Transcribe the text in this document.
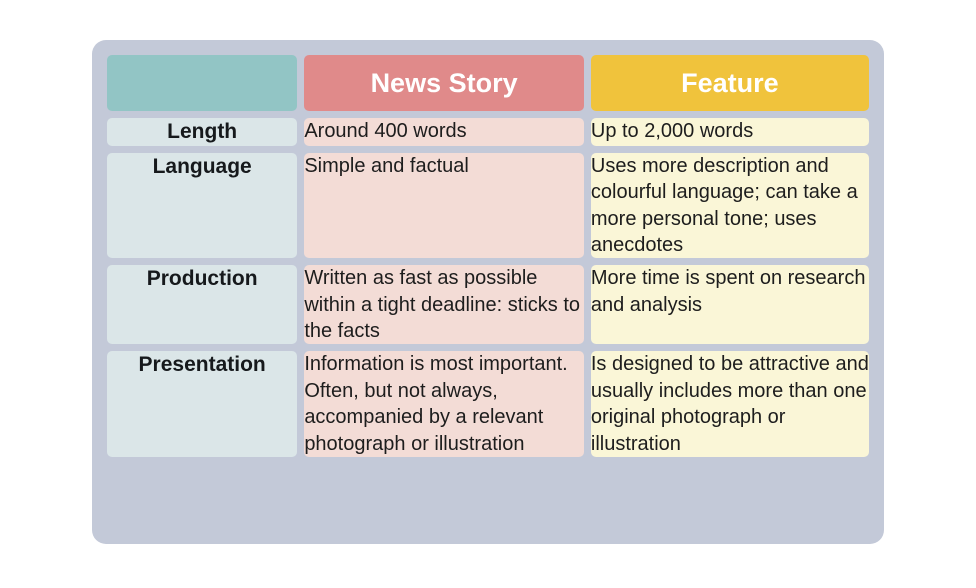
	News Story	Feature
Length	Around 400 words	Up to 2,000 words
Language	Simple and factual	Uses more description and colourful language; can take a more personal tone; uses anecdotes
Production	Written as fast as possible within a tight deadline: sticks to the facts	More time is spent on research and analysis
Presentation	Information is most important. Often, but not always, accompanied by a relevant photograph or illustration	Is designed to be attractive and usually includes more than one original photograph or illustration
